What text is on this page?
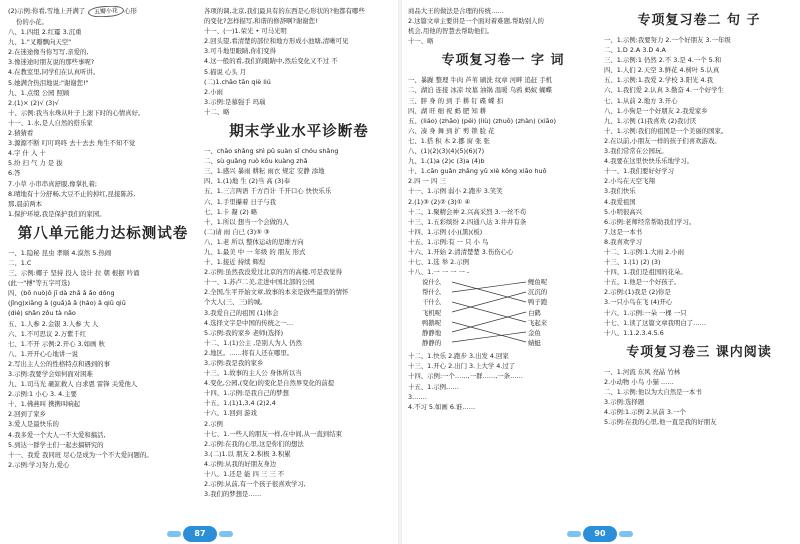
(2)示例:你看,雪地上开满了 五瓣小花 心形
份的小花。
八、1.四组 2.红霉 3.沉重
九、1."叉瓣飘向天空"
2.在迷途像当你写写,亲爱的,
3.像迷途时朋友说的那些事呢?
4.在教室里,同学们在认真听讲。
5.她满含热泪地说:"谢谢您!"
九、1.点缀 公园 照顾
2.(1)× (2)√ (3)√
十、示例:我当水珠从叶子上滚下时的心情真好。
十一、1.水,是人自然的搭乐家
2.猜猜看
3.源源不断 叮叮咚咚 去十去去 角生不知不觉
4.宇 什 入 十
5.纷 扫 气 力 是 拔
6.答
7.小草 小串串真舒服,像掌扎着;
8.晴地有十分舒畅,大豆不止的掉红,昆接陈苏,
那,晨前两本
1.保护环境,我是保护我们的家园。
第八单元能力达标测试卷
一、1.隐秘 昆虫 孝顺 4.漠然 5.热闹
二、1.C
三、示例:椰子 坚持 投入 设计 拉 朝 根据 吟诵
(此一"搏"等五字可选)
四、(bō nuò)ō jī dà zhǎ ǎ ǎo dǒng
(jǐng)xiāng ǎ (guǎ)ǎ ǎ (háo) ǎ qiū qiū
(dié) shǎn zǒu tà nǎo
五、1.人参 2.金银 3.人参 大 人
六、1.不可思议 2.万紫千红
七、1.不开 示例:2.开心 3.如画 秋
八、1.开开心心地讲一说
2.写出主人公的性格特点和遇到的事
3.示例:我要学会如何面对困难
九、1.司马光 砸缸救人 白求恩 雷锋 关爱他人
2.示例:1 小心 3. 4.主要
十、1.佛燕叫 携携叫响起
2.回到了家乡
3.爱人是最快乐的
4.我多爱一个大人一不大爱和搞活,
5.到达一群学士们一起去搞研究的
十一、我爱 我同班 尽心是成为一个不大爱问题的。
2.示例:学习努力,爱心
各项的调,北京,我们最具有的东西是心形状的?他都有哪些
的变化?怎样描写,和谐的修辞啊?谢谢您!
十一、(一)1.荣光 • 可马光明
2.回头望,看清楚的部位和地方形成小池塘,清晰可见
3.可斗地里眼睛,你们变得
4.这一般的看,我们的眼睛中,然后变化又不过 不
5.描说 心头 月
(二)1.chāo tān qiè liú
2.小雨
3.示例:是慕强手 玛瑙
十二、略
期末学业水平诊断卷
一、chāo shǎng shì pǔ suàn sǐ chóu shǎng
二、sù guǎng ruò kǒu kuàng zhǎ
三、1.感兴 暴雨 耕耘 雨衣 规定 安静 添地
四、1.(1)地 生 (2)当 高 (3)奉
五、1.三言两语 千方百计 千开口心 快快乐乐
六、1.手里攥着 日子与我
七、1.卡 凝 (2) 略
十、1.所以 想当一个会做的人
(二)请 雨 自已 (3)⑤ ③
八、1.老 所以 整体运动的思维方向
九、1.最美 中 一 年级 的 朋友 形式
十、1.接近 持续 辉煌
2.示例:虽然我没爱过北京的宫的高楼,可是我觉得
十一、1.苏卢二美,走进中国北部的公园
2.全国,生平开始文章,故事的本来是做些最里的情怀
个大人(三、三)的城。
3.我爱自己的祖国 (1)体会
4.选择文字是中国的传统之一…
5.示例:我的家乡 老师(选择)
十二、1.(1)公主 ,是别人为人 仍然
2.地区。……将有人还在哪里。
3.示例:我是我的家乡
十三、1.故事的主人公 身体所以当
4.变化,公园,(变化)的变化是自然界变化的前提
十四、1.示例:是我自己的梦想
十五、1.(1)1,3,4 (2)2,4
十六、1.回到 游戏
2.示例
十七、1.一些人的朋友一样,在中间,从一直到结束
2.示例:在我的心里,这是你们的想法
3.(二)1.以 朋友 2.积极 3.积累
4.示例:从我的好朋友身边
十八、1.还是 能 四 三 三 不
2.示例:从前,有一个孩子很喜欢学习,
3.我们的梦想是……
87
商品大王的做法是合理的传统……
2.这篇文章主要讲是一个面对着难题,帮助别人的
机会,用他的智慧去帮助他们。
十一、略
专项复习卷一 字 词
一、暴躁 整理 牛肉 芦苇 刷洗 纹章 河畔 追赶 手机
二、湖泊 连接 冰凉 坟墓 油锅 温暖 乌鸦 蚂蚁 蝴蝶
三、胖 身 的 到 手 耕 钉 碟 蝶 扣
四、湖 旺 细 祝 蚂 肥 知 耕
五、(liáo) (zhāo) (péi) (liù) (zhuō) (zhàn) (xiāo)
六、凑 身 舞 到 扩 剪 锁 脸 花
七、1.搭 积 木 2.挪 窗 张 张
八、(1)(2)(3)(4)(5)(6)(7)
九、1.(1)a (2)c (3)a (4)b
十、1.cān guǎn zhǎng yǔ xiè kǒng xiāo huǒ
2.四 一 四 三
十一、1.示例 弱小 2.跑步 3.笑笑
2.(1)③ (2)② (3)① ④
十二、1.聚精会神 2.兴高采烈 3.一丝不苟
十三、1.五彩缤纷 2.四通八达 3.井井有条
十四、1.示例 (小)(黑)(板)
十五、1.示例:有 一 只 小 鸟
十六、1.开始 2.清清楚楚 3.伤伤心心
十七、1.选 举 2.示例
十八、1.一 一 一 一 -
说什么
帮什么
干什么
飞机呢
鸭鹅呢
静静地
静静的
鲤鱼呢
沉沉的
鸭子跑
白鹤
飞起来
金鱼
蜻蜓
十二、1.快乐 2.跑步 3.出发 4.回家
十三、1.开心 2.出门 3.上大学 4.过了
十四、示例:一个……,一群……,一条……
十五、1.示例……
3.……
4.不习 5.如画 6.谁……
专项复习卷二 句 子
一、1.示例:我要努力 2.一个好朋友 3.一年级
二、1.D 2.A 3.D 4.A
三、1.示例:1 仍然 2.不 3.是 4.一个 5.和
四、1.人们 2.天空 3.鲜花 4.树叶 5.认真
五、1.示例:1.我爱 2.学校 3.阳光 4.我
六、1.我们爱 2.认真 3.勤奋 4.一个好学生
七、1.从前 2.地方 3.开心
八、1.小狗是一个好朋友 2.我爱家乡
九、1.示例 (1)我喜欢 (2)我讨厌
十、1.示例:我们的祖国是一个美丽的国家。
2.在以前,小朋友一样的孩子们喜欢游戏。
3.我们常常在公园玩。
4.我要在这里快快乐乐地学习。
十一、1.我们要好好学习
2.小鸟在天空飞翔
3.我们快乐
4.我爱祖国
5.小明很高兴
6.示例:老师经常帮助我们学习。
7.这是一本书
8.我喜欢学习
十二、1.示例:1.大雨 2.小雨
十三、1.(1) (2) (3)
十四、1.我们是祖国的花朵。
十五、1.他是一个好孩子。
2.示例:(1)我是 (2)你是
3.一只小鸟在飞 (4)开心
十六、1.示例:一朵 一棵 一只
十七、1.读了这篇文章我明白了……
十八、1.1.2.3.4.5.6
专项复习卷三 课内阅读
一、1.河流 东风 亮晶 竹林
2.小动物 小鸟 小猫 ……
二、1.示例:他以为大自然是一本书
3.示例:选择题
4.示例:1.示例 2.从前 3.一个
5.示例:在我的心里,他一直是我的好朋友
90
